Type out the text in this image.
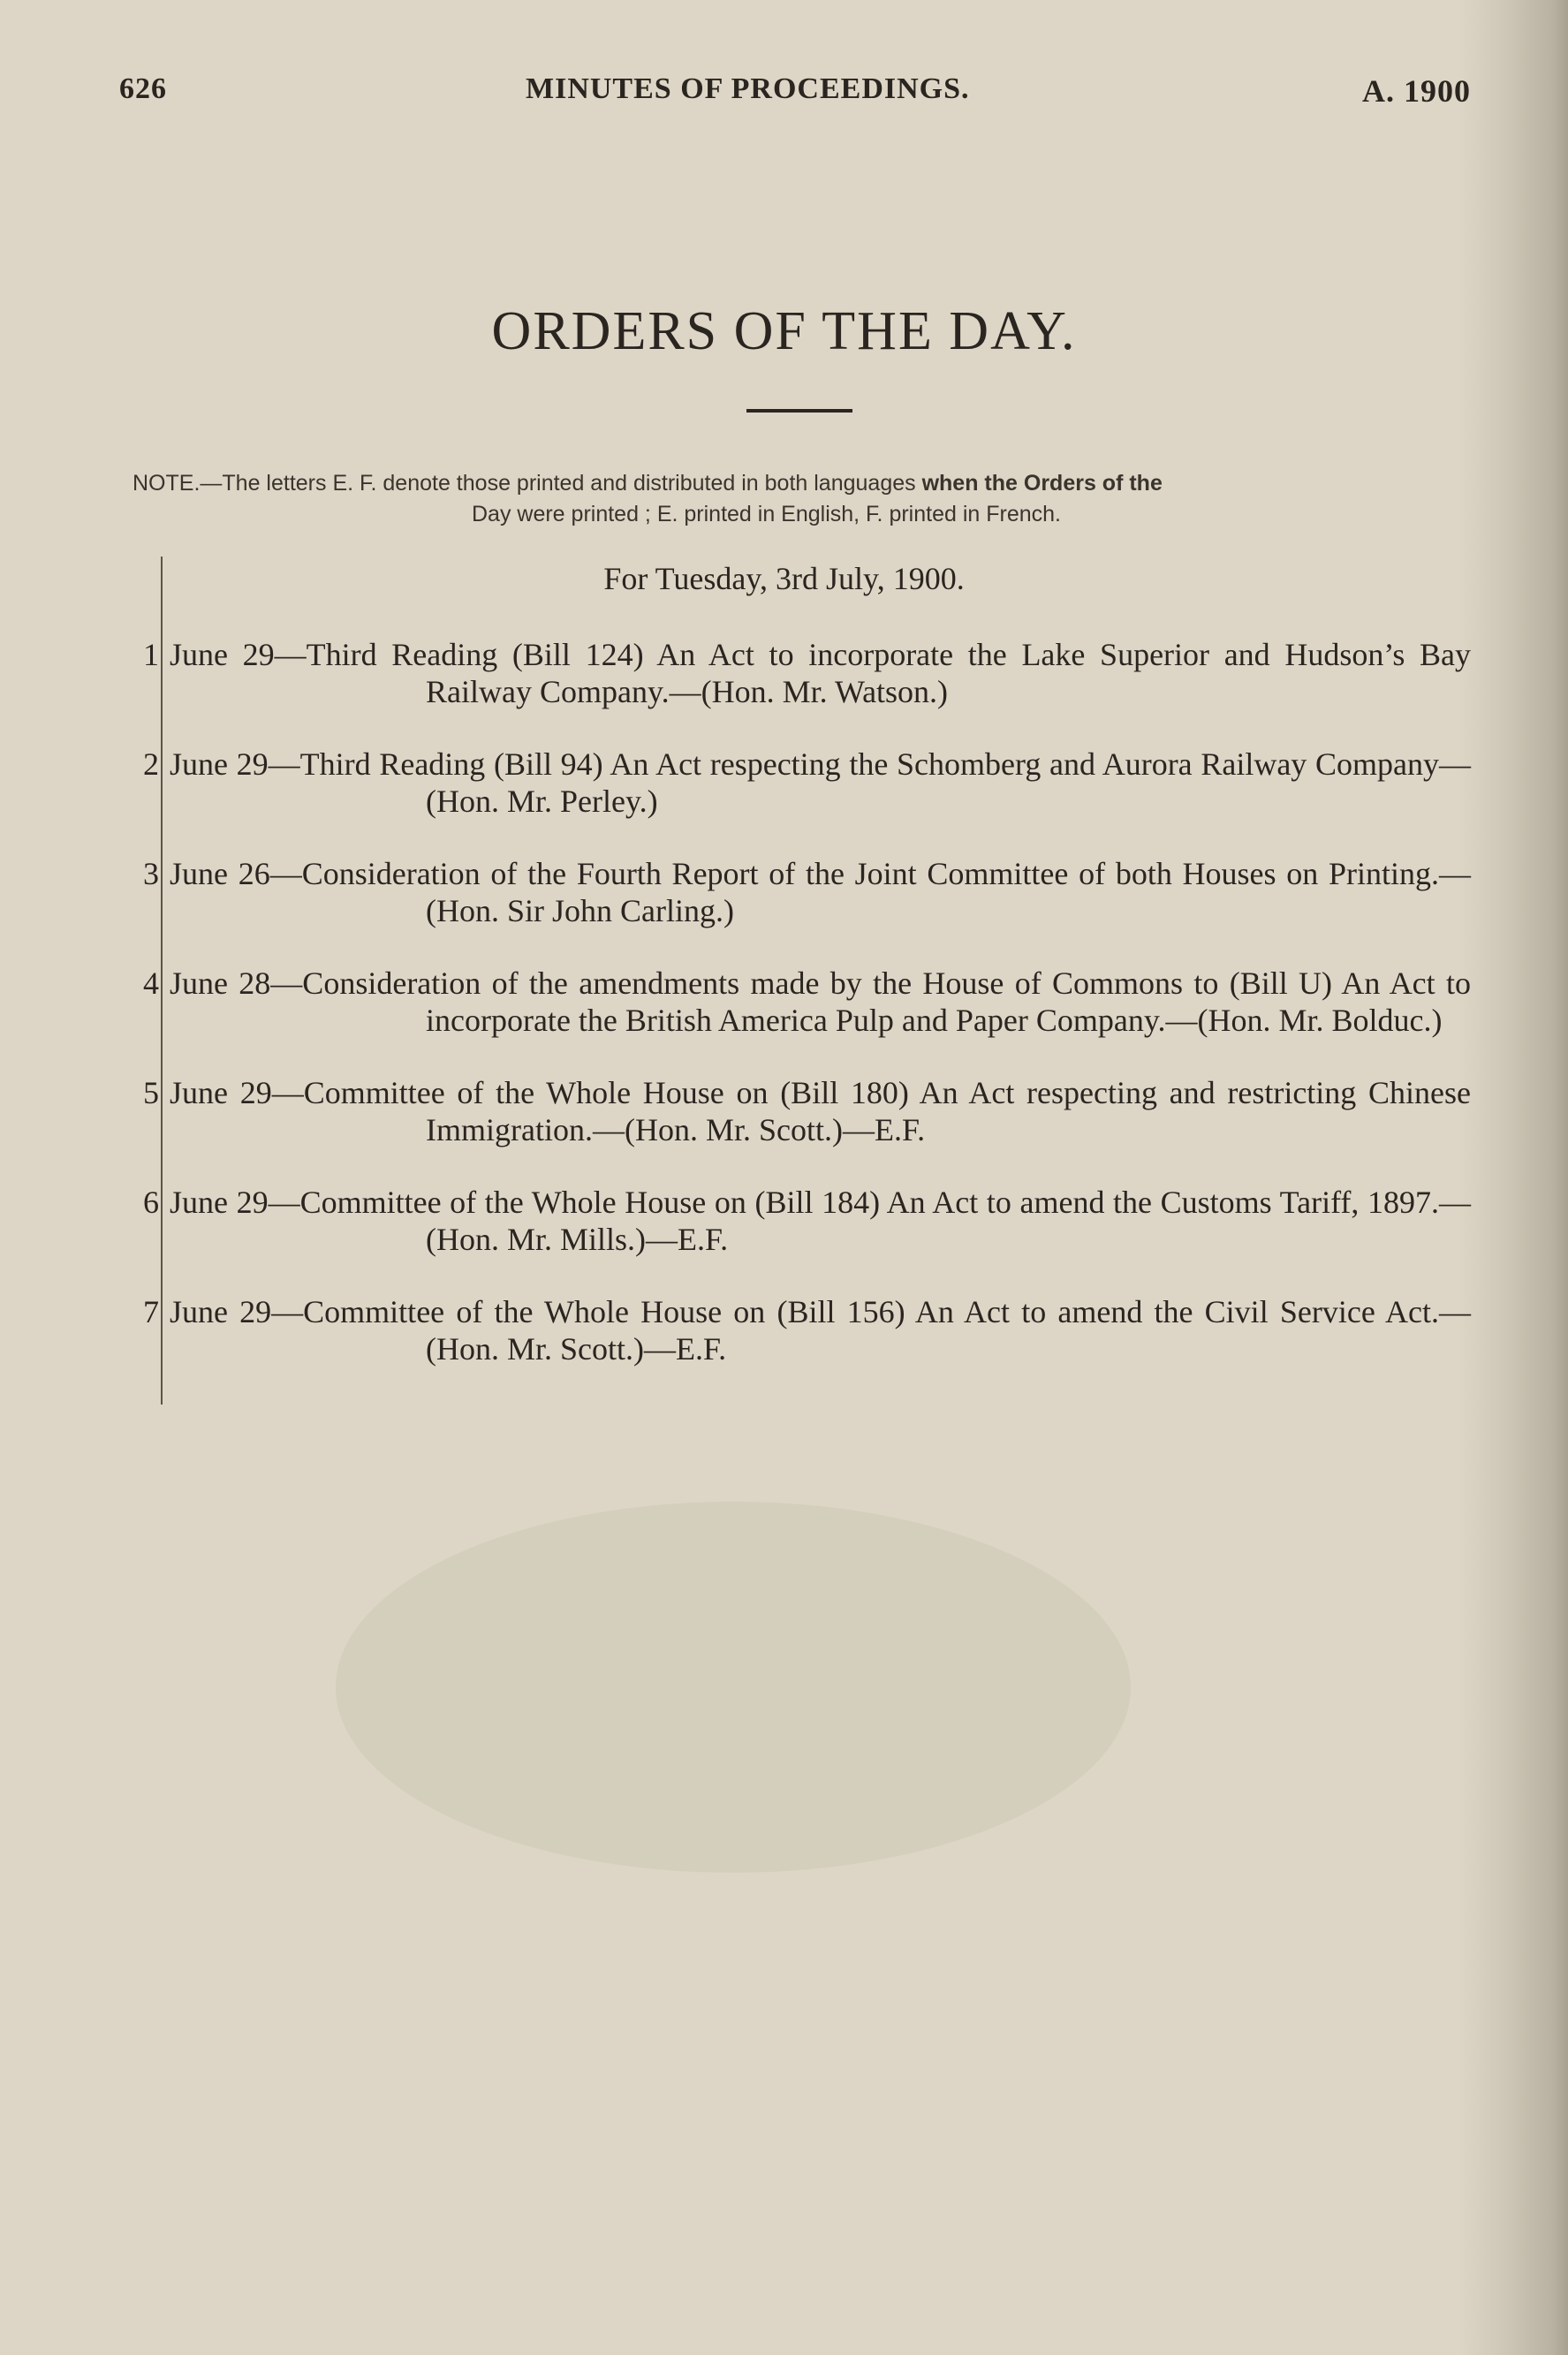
626	MINUTES OF PROCEEDINGS.	A. 1900
ORDERS OF THE DAY.
NOTE.—The letters E. F. denote those printed and distributed in both languages when the Orders of the
Day were printed ; E. printed in English, F. printed in French.
For Tuesday, 3rd July, 1900.
1 June 29—Third Reading (Bill 124) An Act to incorporate the Lake Superior and Hudson’s Bay Railway Company.—(Hon. Mr. Watson.)
2 June 29—Third Reading (Bill 94) An Act respecting the Schomberg and Aurora Railway Company—(Hon. Mr. Perley.)
3 June 26—Consideration of the Fourth Report of the Joint Committee of both Houses on Printing.—(Hon. Sir John Carling.)
4 June 28—Consideration of the amendments made by the House of Commons to (Bill U) An Act to incorporate the British America Pulp and Paper Company.—(Hon. Mr. Bolduc.)
5 June 29—Committee of the Whole House on (Bill 180) An Act respecting and restricting Chinese Immigration.—(Hon. Mr. Scott.)—E.F.
6 June 29—Committee of the Whole House on (Bill 184) An Act to amend the Customs Tariff, 1897.—(Hon. Mr. Mills.)—E.F.
7 June 29—Committee of the Whole House on (Bill 156) An Act to amend the Civil Service Act.—(Hon. Mr. Scott.)—E.F.
